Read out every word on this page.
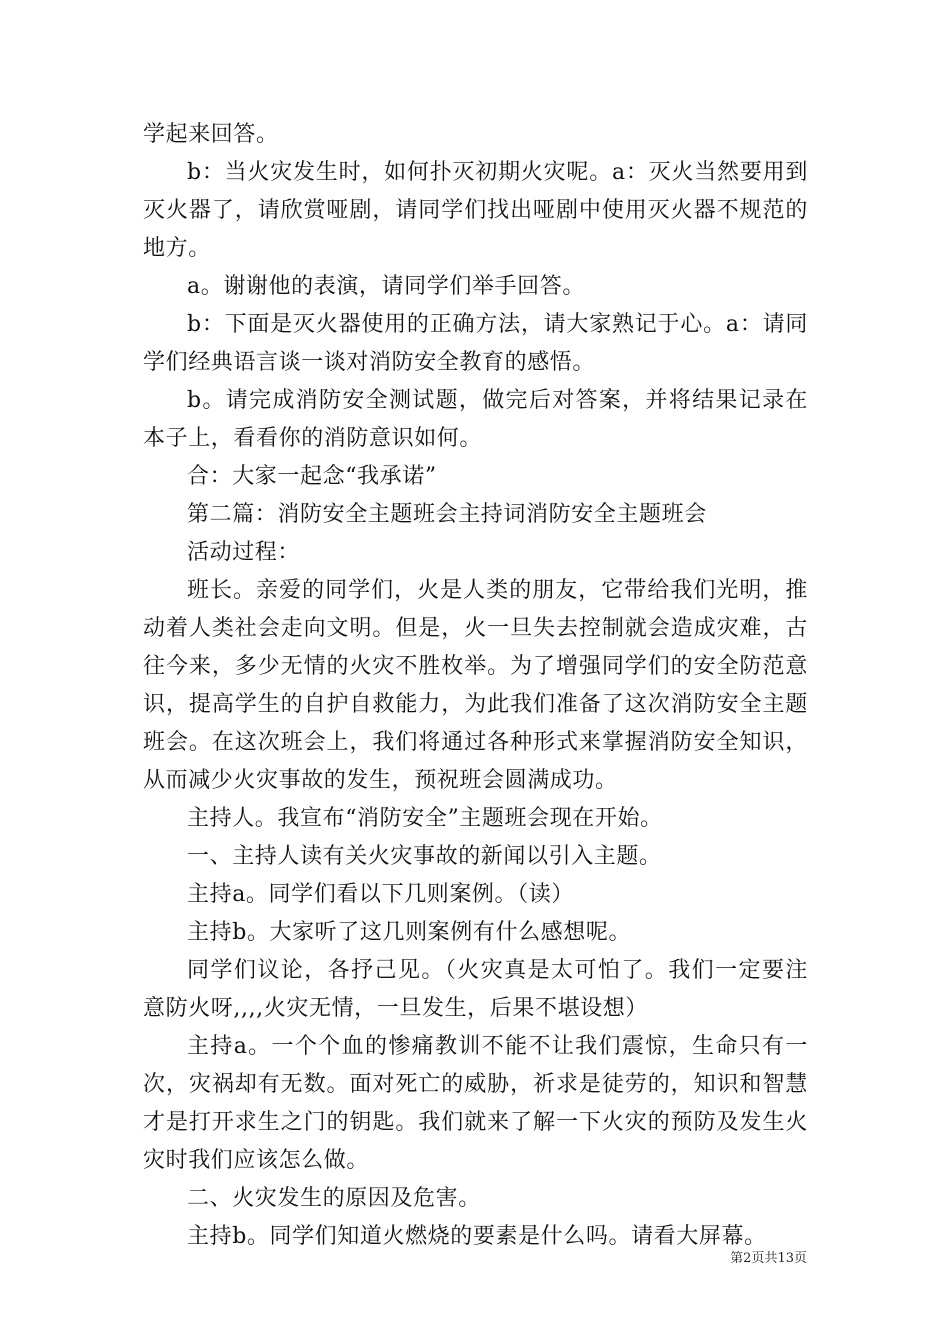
学起来回答。

b：当火灾发生时，如何扑灭初期火灾呢。a：灭火当然要用到灭火器了，请欣赏哑剧，请同学们找出哑剧中使用灭火器不规范的地方。

a。谢谢他的表演，请同学们举手回答。

b：下面是灭火器使用的正确方法，请大家熟记于心。a：请同学们经典语言谈一谈对消防安全教育的感悟。

b。请完成消防安全测试题，做完后对答案，并将结果记录在本子上，看看你的消防意识如何。

合：大家一起念“我承诺”

第二篇：消防安全主题班会主持词消防安全主题班会

活动过程：

班长。亲爱的同学们，火是人类的朋友，它带给我们光明，推动着人类社会走向文明。但是，火一旦失去控制就会造成灾难，古往今来，多少无情的火灾不胜枚举。为了增强同学们的安全防范意识，提高学生的自护自救能力，为此我们准备了这次消防安全主题班会。在这次班会上，我们将通过各种形式来掌握消防安全知识，从而减少火灾事故的发生，预祝班会圆满成功。

主持人。我宣布“消防安全”主题班会现在开始。

一、主持人读有关火灾事故的新闻以引入主题。

主持a。同学们看以下几则案例。（读）

主持b。大家听了这几则案例有什么感想呢。

同学们议论，各抒己见。（火灾真是太可怕了。我们一定要注意防火呀,,,,火灾无情，一旦发生，后果不堪设想）

主持a。一个个血的惨痛教训不能不让我们震惊，生命只有一次，灾祸却有无数。面对死亡的威胁，祈求是徒劳的，知识和智慧才是打开求生之门的钥匙。我们就来了解一下火灾的预防及发生火灾时我们应该怎么做。

二、火灾发生的原因及危害。

主持b。同学们知道火燃烧的要素是什么吗。请看大屏幕。

第2页共13页
